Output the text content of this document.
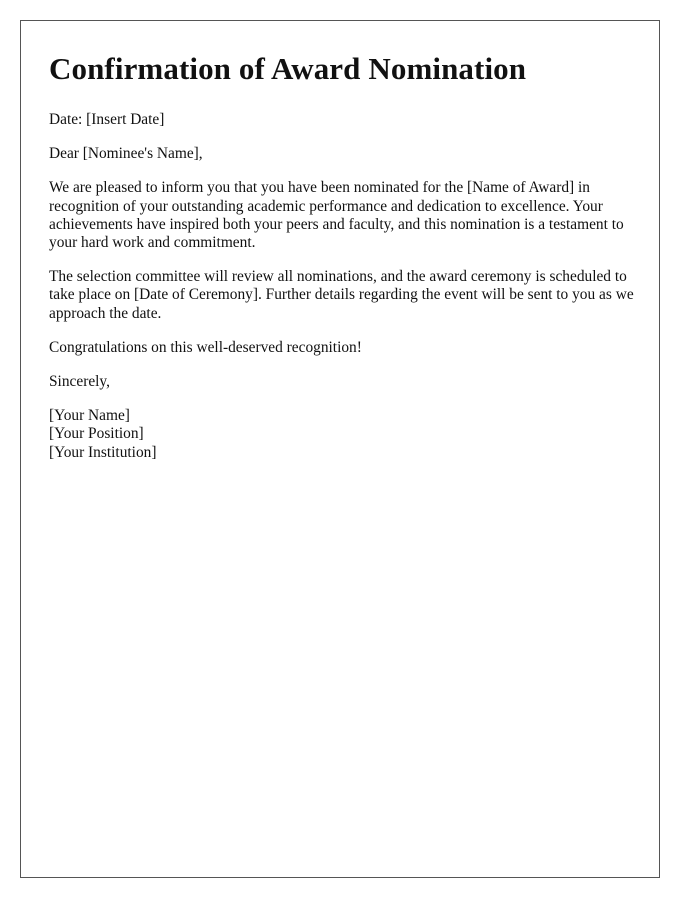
Confirmation of Award Nomination

Date: [Insert Date]

Dear [Nominee's Name],

We are pleased to inform you that you have been nominated for the [Name of Award] in recognition of your outstanding academic performance and dedication to excellence. Your achievements have inspired both your peers and faculty, and this nomination is a testament to your hard work and commitment.

The selection committee will review all nominations, and the award ceremony is scheduled to take place on [Date of Ceremony]. Further details regarding the event will be sent to you as we approach the date.

Congratulations on this well-deserved recognition!

Sincerely,

[Your Name]
[Your Position]
[Your Institution]
